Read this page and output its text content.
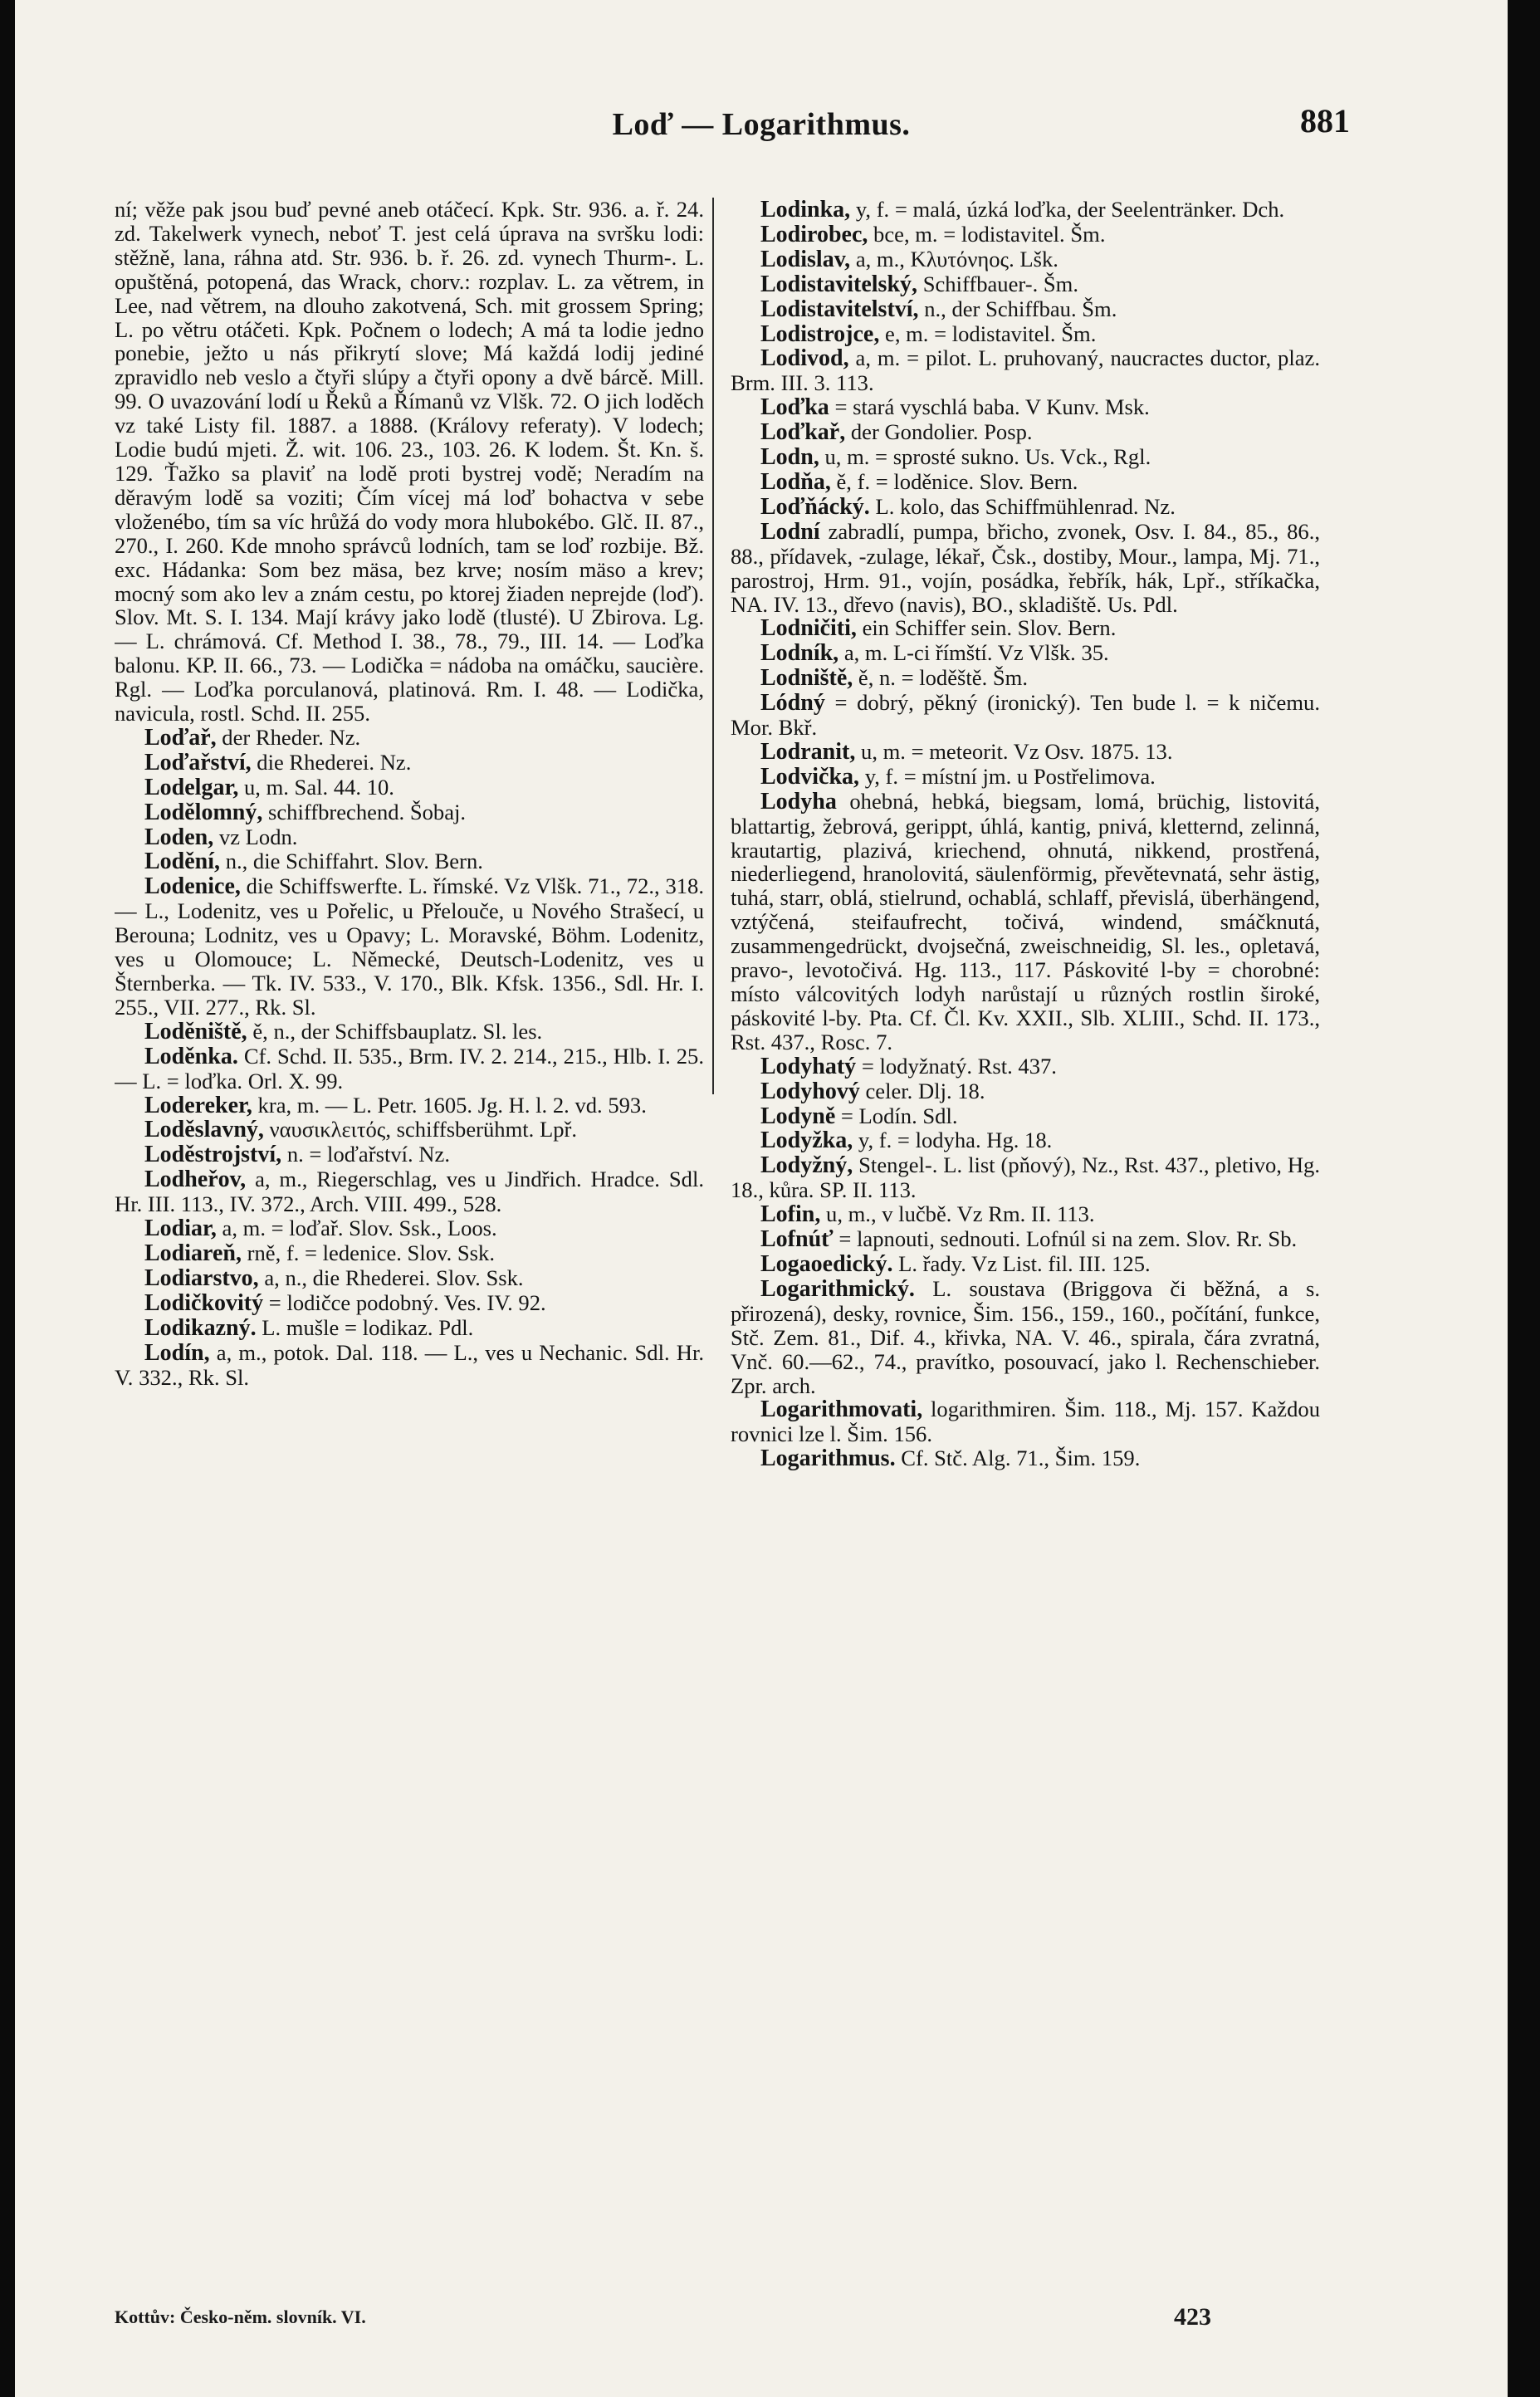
Loď — Logarithmus.	881

ní; věže pak jsou buď pevné aneb otáčecí. Kpk. Str. 936. a. ř. 24. zd. Takelwerk vynech, neboť T. jest celá úprava na svršku lodi: stěžně, lana, ráhna atd. Str. 936. b. ř. 26. zd. vynech Thurm-. L. opuštěná, potopená, das Wrack, chorv.: rozplav. L. za větrem, in Lee, nad větrem, na dlouho zakotvená, Sch. mit grossem Spring; L. po větru otáčeti. Kpk. Počnem o lodech; A má ta lodie jedno ponebie, ježto u nás přikrytí slove; Má každá lodij jediné zpravidlo neb veslo a čtyři slúpy a čtyři opony a dvě bárcě. Mill. 99. O uvazování lodí u Řeků a Římanů vz Vlšk. 72. O jich loděch vz také Listy fil. 1887. a 1888. (Královy referaty). V lodech; Lodie budú mjeti. Ž. wit. 106. 23., 103. 26. K lodem. Št. Kn. š. 129. Ťažko sa plaviť na lodě proti bystrej vodě; Neradím na děravým lodě sa voziti; Čím vícej má loď bohactva v sebe vloženébo, tím sa víc hrůžá do vody mora hlubokébo. Glč. II. 87., 270., I. 260. Kde mnoho správců lodních, tam se loď rozbije. Bž. exc. Hádanka: Som bez mäsa, bez krve; nosím mäso a krev; mocný som ako lev a znám cestu, po ktorej žiaden neprejde (loď). Slov. Mt. S. I. 134. Mají krávy jako lodě (tlusté). U Zbirova. Lg. — L. chrámová. Cf. Method I. 38., 78., 79., III. 14. — Loďka balonu. KP. II. 66., 73. — Lodička = nádoba na omáčku, saucière. Rgl. — Loďka porculanová, platinová. Rm. I. 48. — Lodička, navicula, rostl. Schd. II. 255.

Loďař, der Rheder. Nz.

Loďařství, die Rhederei. Nz.

Lodelgar, u, m. Sal. 44. 10.

Lodělomný, schiffbrechend. Šobaj.

Loden, vz Lodn.

Lodění, n., die Schiffahrt. Slov. Bern.

Lodenice, die Schiffswerfte. L. římské. Vz Vlšk. 71., 72., 318. — L., Lodenitz, ves u Pořelic, u Přelouče, u Nového Strašecí, u Berouna; Lodnitz, ves u Opavy; L. Moravské, Böhm. Lodenitz, ves u Olomouce; L. Německé, Deutsch-Lodenitz, ves u Šternberka. — Tk. IV. 533., V. 170., Blk. Kfsk. 1356., Sdl. Hr. I. 255., VII. 277., Rk. Sl.

Loděniště, ě, n., der Schiffsbauplatz. Sl. les.

Loděnka. Cf. Schd. II. 535., Brm. IV. 2. 214., 215., Hlb. I. 25. — L. = loďka. Orl. X. 99.

Lodereker, kra, m. — L. Petr. 1605. Jg. H. l. 2. vd. 593.

Loděslavný, ναυσικλειτός, schiffsberühmt. Lpř.

Loděstrojství, n. = loďařství. Nz.

Lodheřov, a, m., Riegerschlag, ves u Jindřich. Hradce. Sdl. Hr. III. 113., IV. 372., Arch. VIII. 499., 528.

Lodiar, a, m. = loďař. Slov. Ssk., Loos.

Lodiareň, rně, f. = ledenice. Slov. Ssk.

Lodiarstvo, a, n., die Rhederei. Slov. Ssk.

Lodičkovitý = lodičce podobný. Ves. IV. 92.

Lodikazný. L. mušle = lodikaz. Pdl.

Lodín, a, m., potok. Dal. 118. — L., ves u Nechanic. Sdl. Hr. V. 332., Rk. Sl.

Lodinka, y, f. = malá, úzká loďka, der Seelentränker. Dch.

Lodirobec, bce, m. = lodistavitel. Šm.

Lodislav, a, m., Κλυτόνηος. Lšk.

Lodistavitelský, Schiffbauer-. Šm.

Lodistavitelství, n., der Schiffbau. Šm.

Lodistrojce, e, m. = lodistavitel. Šm.

Lodivod, a, m. = pilot. L. pruhovaný, naucractes ductor, plaz. Brm. III. 3. 113.

Loďka = stará vyschlá baba. V Kunv. Msk.

Loďkař, der Gondolier. Posp.

Lodn, u, m. = sprosté sukno. Us. Vck., Rgl.

Lodňa, ě, f. = loděnice. Slov. Bern.

Loďňácký. L. kolo, das Schiffmühlenrad. Nz.

Lodní zabradlí, pumpa, břicho, zvonek, Osv. I. 84., 85., 86., 88., přídavek, -zulage, lékař, Čsk., dostiby, Mour., lampa, Mj. 71., parostroj, Hrm. 91., vojín, posádka, řebřík, hák, Lpř., stříkačka, NA. IV. 13., dřevo (navis), BO., skladiště. Us. Pdl.

Lodničiti, ein Schiffer sein. Slov. Bern.

Lodník, a, m. L-ci římští. Vz Vlšk. 35.

Lodniště, ě, n. = loděště. Šm.

Lódný = dobrý, pěkný (ironický). Ten bude l. = k ničemu. Mor. Bkř.

Lodranit, u, m. = meteorit. Vz Osv. 1875. 13.

Lodvička, y, f. = místní jm. u Postřelimova.

Lodyha ohebná, hebká, biegsam, lomá, brüchig, listovitá, blattartig, žebrová, gerippt, úhlá, kantig, pnivá, kletternd, zelinná, krautartig, plazivá, kriechend, ohnutá, nikkend, prostřená, niederliegend, hranolovitá, säulenförmig, převětevnatá, sehr ästig, tuhá, starr, oblá, stielrund, ochablá, schlaff, převislá, überhängend, vztýčená, steifaufrecht, točivá, windend, smáčknutá, zusammengedrückt, dvojsečná, zweischneidig, Sl. les., opletavá, pravo-, levotočivá. Hg. 113., 117. Páskovité l-by = chorobné: místo válcovitých lodyh narůstají u různých rostlin široké, páskovité l-by. Pta. Cf. Čl. Kv. XXII., Slb. XLIII., Schd. II. 173., Rst. 437., Rosc. 7.

Lodyhatý = lodyžnatý. Rst. 437.

Lodyhový celer. Dlj. 18.

Lodyně = Lodín. Sdl.

Lodyžka, y, f. = lodyha. Hg. 18.

Lodyžný, Stengel-. L. list (pňový), Nz., Rst. 437., pletivo, Hg. 18., kůra. SP. II. 113.

Lofin, u, m., v lučbě. Vz Rm. II. 113.

Lofnúť = lapnouti, sednouti. Lofnúl si na zem. Slov. Rr. Sb.

Logaoedický. L. řady. Vz List. fil. III. 125.

Logarithmický. L. soustava (Briggova či běžná, a s. přirozená), desky, rovnice, Šim. 156., 159., 160., počítání, funkce, Stč. Zem. 81., Dif. 4., křivka, NA. V. 46., spirala, čára zvratná, Vnč. 60.—62., 74., pravítko, posouvací, jako l. Rechenschieber. Zpr. arch.

Logarithmovati, logarithmiren. Šim. 118., Mj. 157. Každou rovnici lze l. Šim. 156.

Logarithmus. Cf. Stč. Alg. 71., Šim. 159.

Kottův: Česko-něm. slovník. VI.	423
